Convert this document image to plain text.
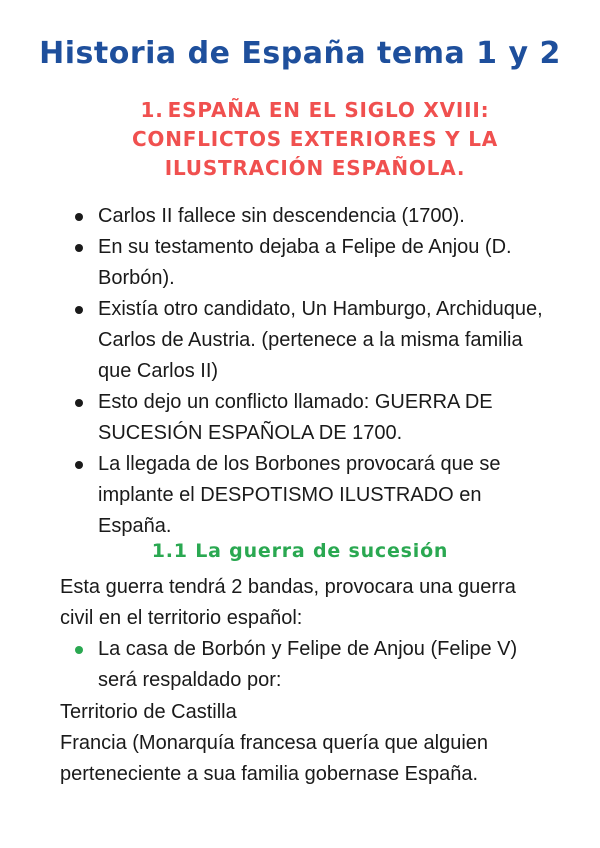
Historia de España tema 1 y 2
1. ESPAÑA EN EL SIGLO XVIII: CONFLICTOS EXTERIORES Y LA ILUSTRACIÓN ESPAÑOLA.
Carlos II fallece sin descendencia (1700).
En su testamento dejaba a Felipe de Anjou (D. Borbón).
Existía otro candidato, Un Hamburgo, Archiduque, Carlos de Austria. (pertenece a la misma familia que Carlos II)
Esto dejo un conflicto llamado: GUERRA DE SUCESIÓN ESPAÑOLA DE 1700.
La llegada de los Borbones provocará que se implante el DESPOTISMO ILUSTRADO en España.
1.1 La guerra de sucesión

Esta guerra tendrá 2 bandas, provocara una guerra civil en el territorio español:

La casa de Borbón y Felipe de Anjou (Felipe V) será respaldado por:
Territorio de Castilla
Francia (Monarquía francesa quería que alguien perteneciente a sua familia gobernase España.
